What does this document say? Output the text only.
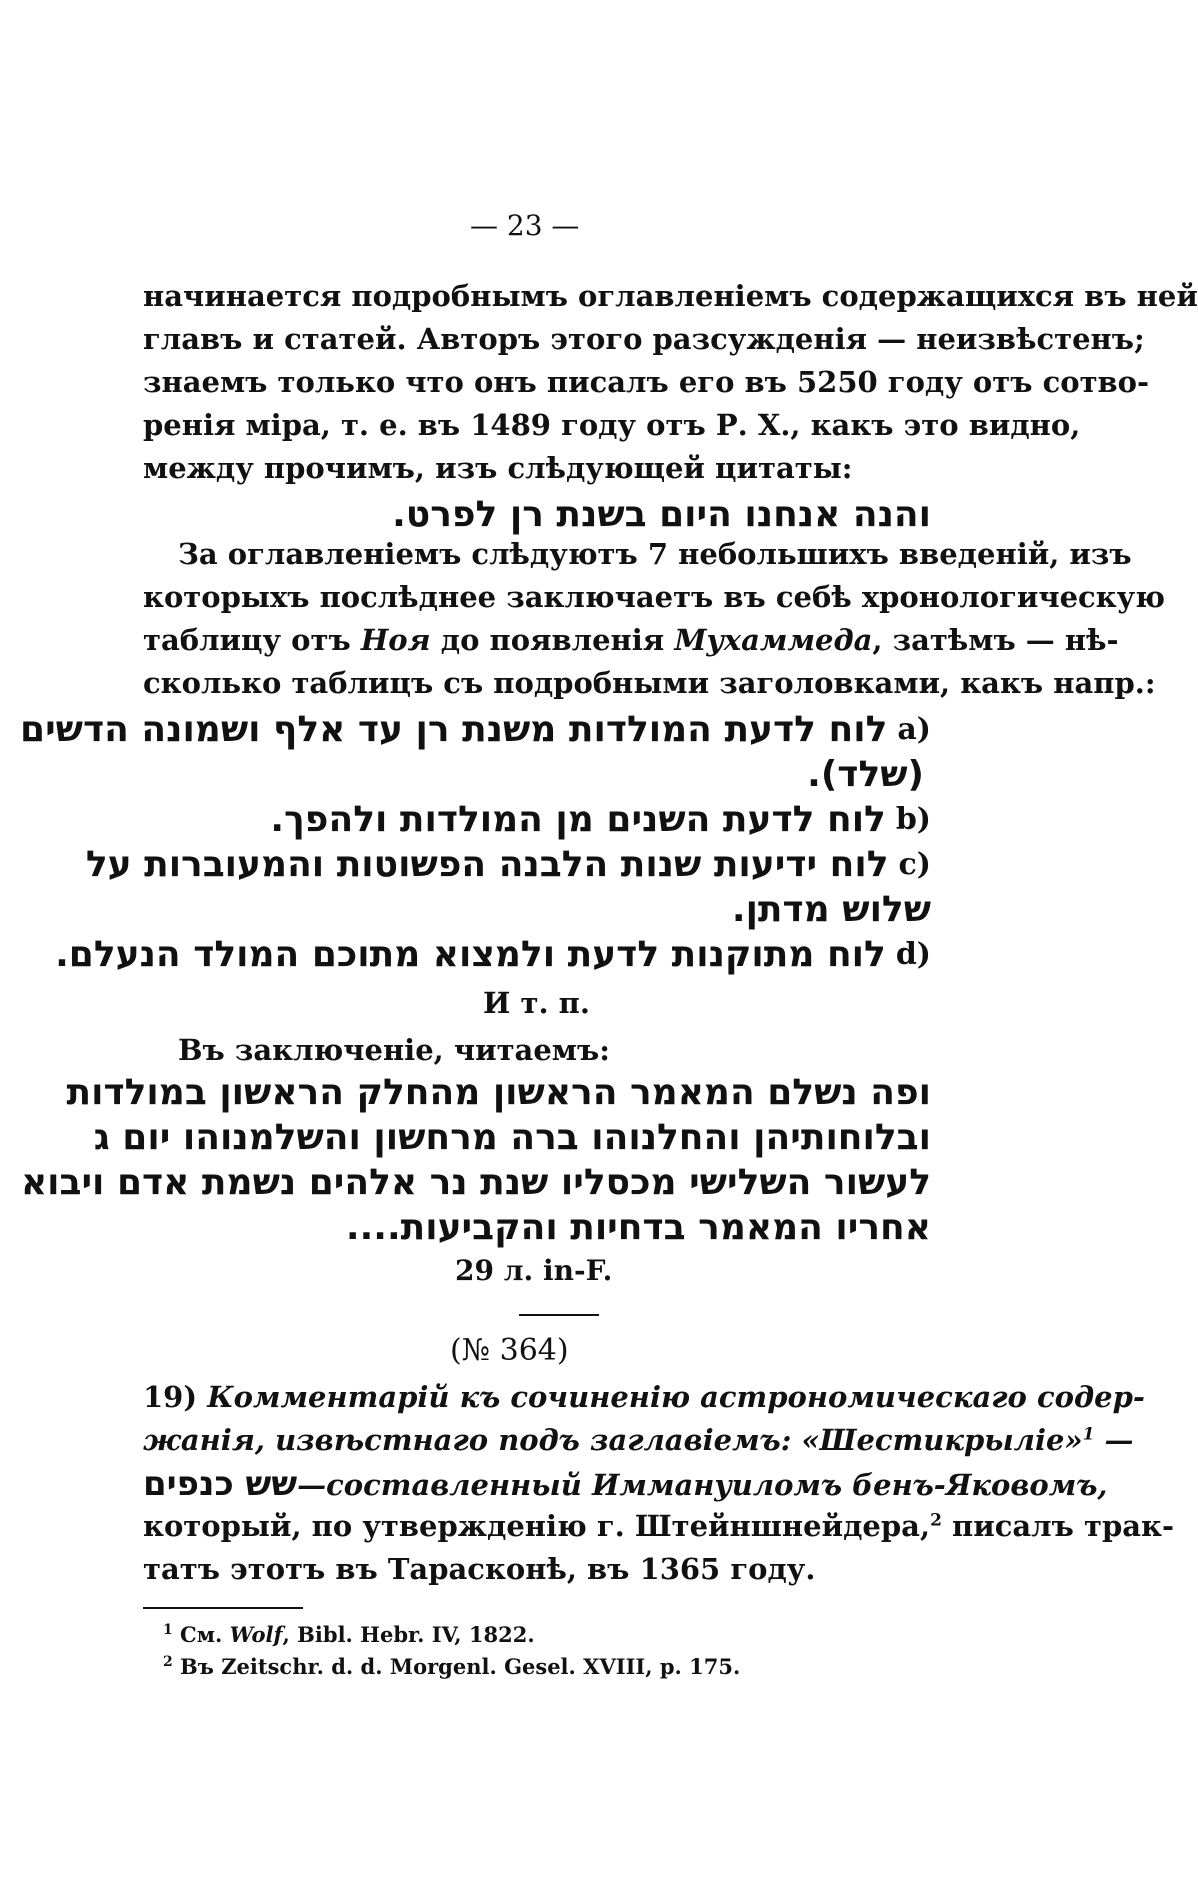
— 23 —
начинается подробнымъ оглавленіемъ содержащихся въ ней
главъ и статей. Авторъ этого разсужденія — неизвѣстенъ;
знаемъ только что онъ писалъ его въ 5250 году отъ сотво-
ренія міра, т. е. въ 1489 году отъ Р. Х., какъ это видно,
между прочимъ, изъ слѣдующей цитаты:
והנה אנחנו היום בשנת רן לפרט.
За оглавленіемъ слѣдуютъ 7 небольшихъ введеній, изъ
которыхъ послѣднее заключаетъ въ себѣ хронологическую
таблицу отъ Ноя до появленія Мухаммеда, затѣмъ — нѣ-
сколько таблицъ съ подробными заголовками, какъ напр.:
לוח לדעת המולדות משנת רן עד אלף ושמונה הדשים a)
(שלד).
לוח לדעת השנים מן המולדות ולהפך. b)
לוח ידיעות שנות הלבנה הפשוטות והמעוברות על c)
שלוש מדתן.
לוח מתוקנות לדעת ולמצוא מתוכם המולד הנעלם. d)
И т. п.
Въ заключеніе, читаемъ:
ופה נשלם המאמר הראשון מהחלק הראשון במולדות
ובלוחותיהן והחלנוהו ברה מרחשון והשלמנוהו יום ג
לעשור השלישי מכסליו שנת נר אלהים נשמת אדם ויבוא
אחריו המאמר בדחיות והקביעות....
29 л. in-F.
(№ 364)
19) Комментарій къ сочиненію астрономическаго содер-
жанія, извѣстнаго подъ заглавіемъ: «Шестикрыліе»$^1$ —
שש כנפים—составленный Иммануиломъ бенъ-Яковомъ,
который, по утвержденію г. Штейншнейдера,$^2$ писалъ трак-
татъ этотъ въ Тарасконѣ, въ 1365 году.
$^1$ См. Wolf, Bibl. Hebr. IV, 1822.
$^2$ Въ Zeitschr. d. d. Morgenl. Gesel. XVIII, p. 175.
